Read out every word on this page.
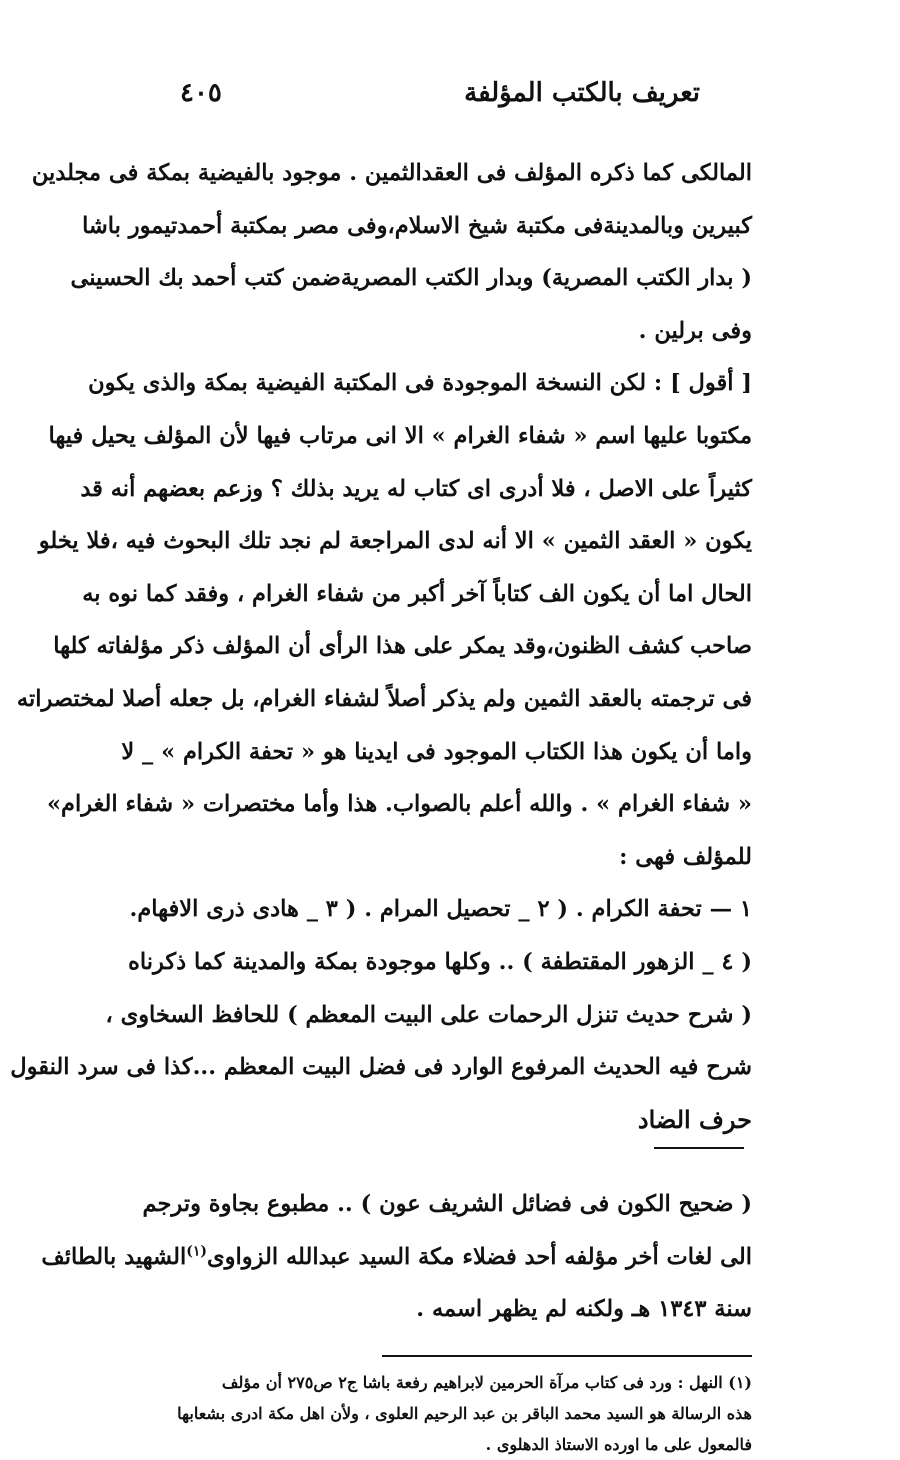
تعريف بالكتب المؤلفة
٤٠٥
المالكى كما ذكره المؤلف فى العقدالثمين . موجود بالفيضية بمكة فى مجلدين
كبيرين وبالمدينةفى مكتبة شيخ الاسلام،وفى مصر بمكتبة أحمدتيمور باشا
( بدار الكتب المصرية) وبدار الكتب المصريةضمن كتب أحمد بك الحسينى
وفى برلين .
[ أقول ] : لكن النسخة الموجودة فى المكتبة الفيضية بمكة والذى يكون
مكتوبا عليها اسم « شفاء الغرام » الا انى مرتاب فيها لأن المؤلف يحيل فيها
كثيراً على الاصل ، فلا أدرى اى كتاب له يريد بذلك ؟ وزعم بعضهم أنه قد
يكون « العقد الثمين » الا أنه لدى المراجعة لم نجد تلك البحوث فيه ،فلا يخلو
الحال اما أن يكون الف كتاباً آخر أكبر من شفاء الغرام ، وفقد كما نوه به
صاحب كشف الظنون،وقد يمكر على هذا الرأى أن المؤلف ذكر مؤلفاته كلها
فى ترجمته بالعقد الثمين ولم يذكر أصلاً لشفاء الغرام، بل جعله أصلا لمختصراته
واما أن يكون هذا الكتاب الموجود فى ايدينا هو « تحفة الكرام » _ لا
« شفاء الغرام » . والله أعلم بالصواب. هذا وأما مختصرات « شفاء الغرام»
للمؤلف فهى :
١ — تحفة الكرام . ( ٢ _ تحصيل المرام . ( ٣ _ هادى ذرى الافهام.
( ٤ _ الزهور المقتطفة ) .. وكلها موجودة بمكة والمدينة كما ذكرناه
( شرح حديث تنزل الرحمات على البيت المعظم ) للحافظ السخاوى ،
شرح فيه الحديث المرفوع الوارد فى فضل البيت المعظم ...كذا فى سرد النقول
حرف الضاد
( ضحيح الكون فى فضائل الشريف عون ) .. مطبوع بجاوة وترجم
الى لغات أخر مؤلفه أحد فضلاء مكة السيد عبدالله الزواوى$^{(١)}$الشهيد بالطائف
سنة ١٣٤٣ هـ ولكنه لم يظهر اسمه .
(١) النهل : ورد فى كتاب مرآة الحرمين لابراهيم رفعة باشا ج٢ ص٢٧٥ أن مؤلف
هذه الرسالة هو السيد محمد الباقر بن عبد الرحيم العلوى ، ولأن اهل مكة ادرى بشعابها
فالمعول على ما اورده الاستاذ الدهلوى .
